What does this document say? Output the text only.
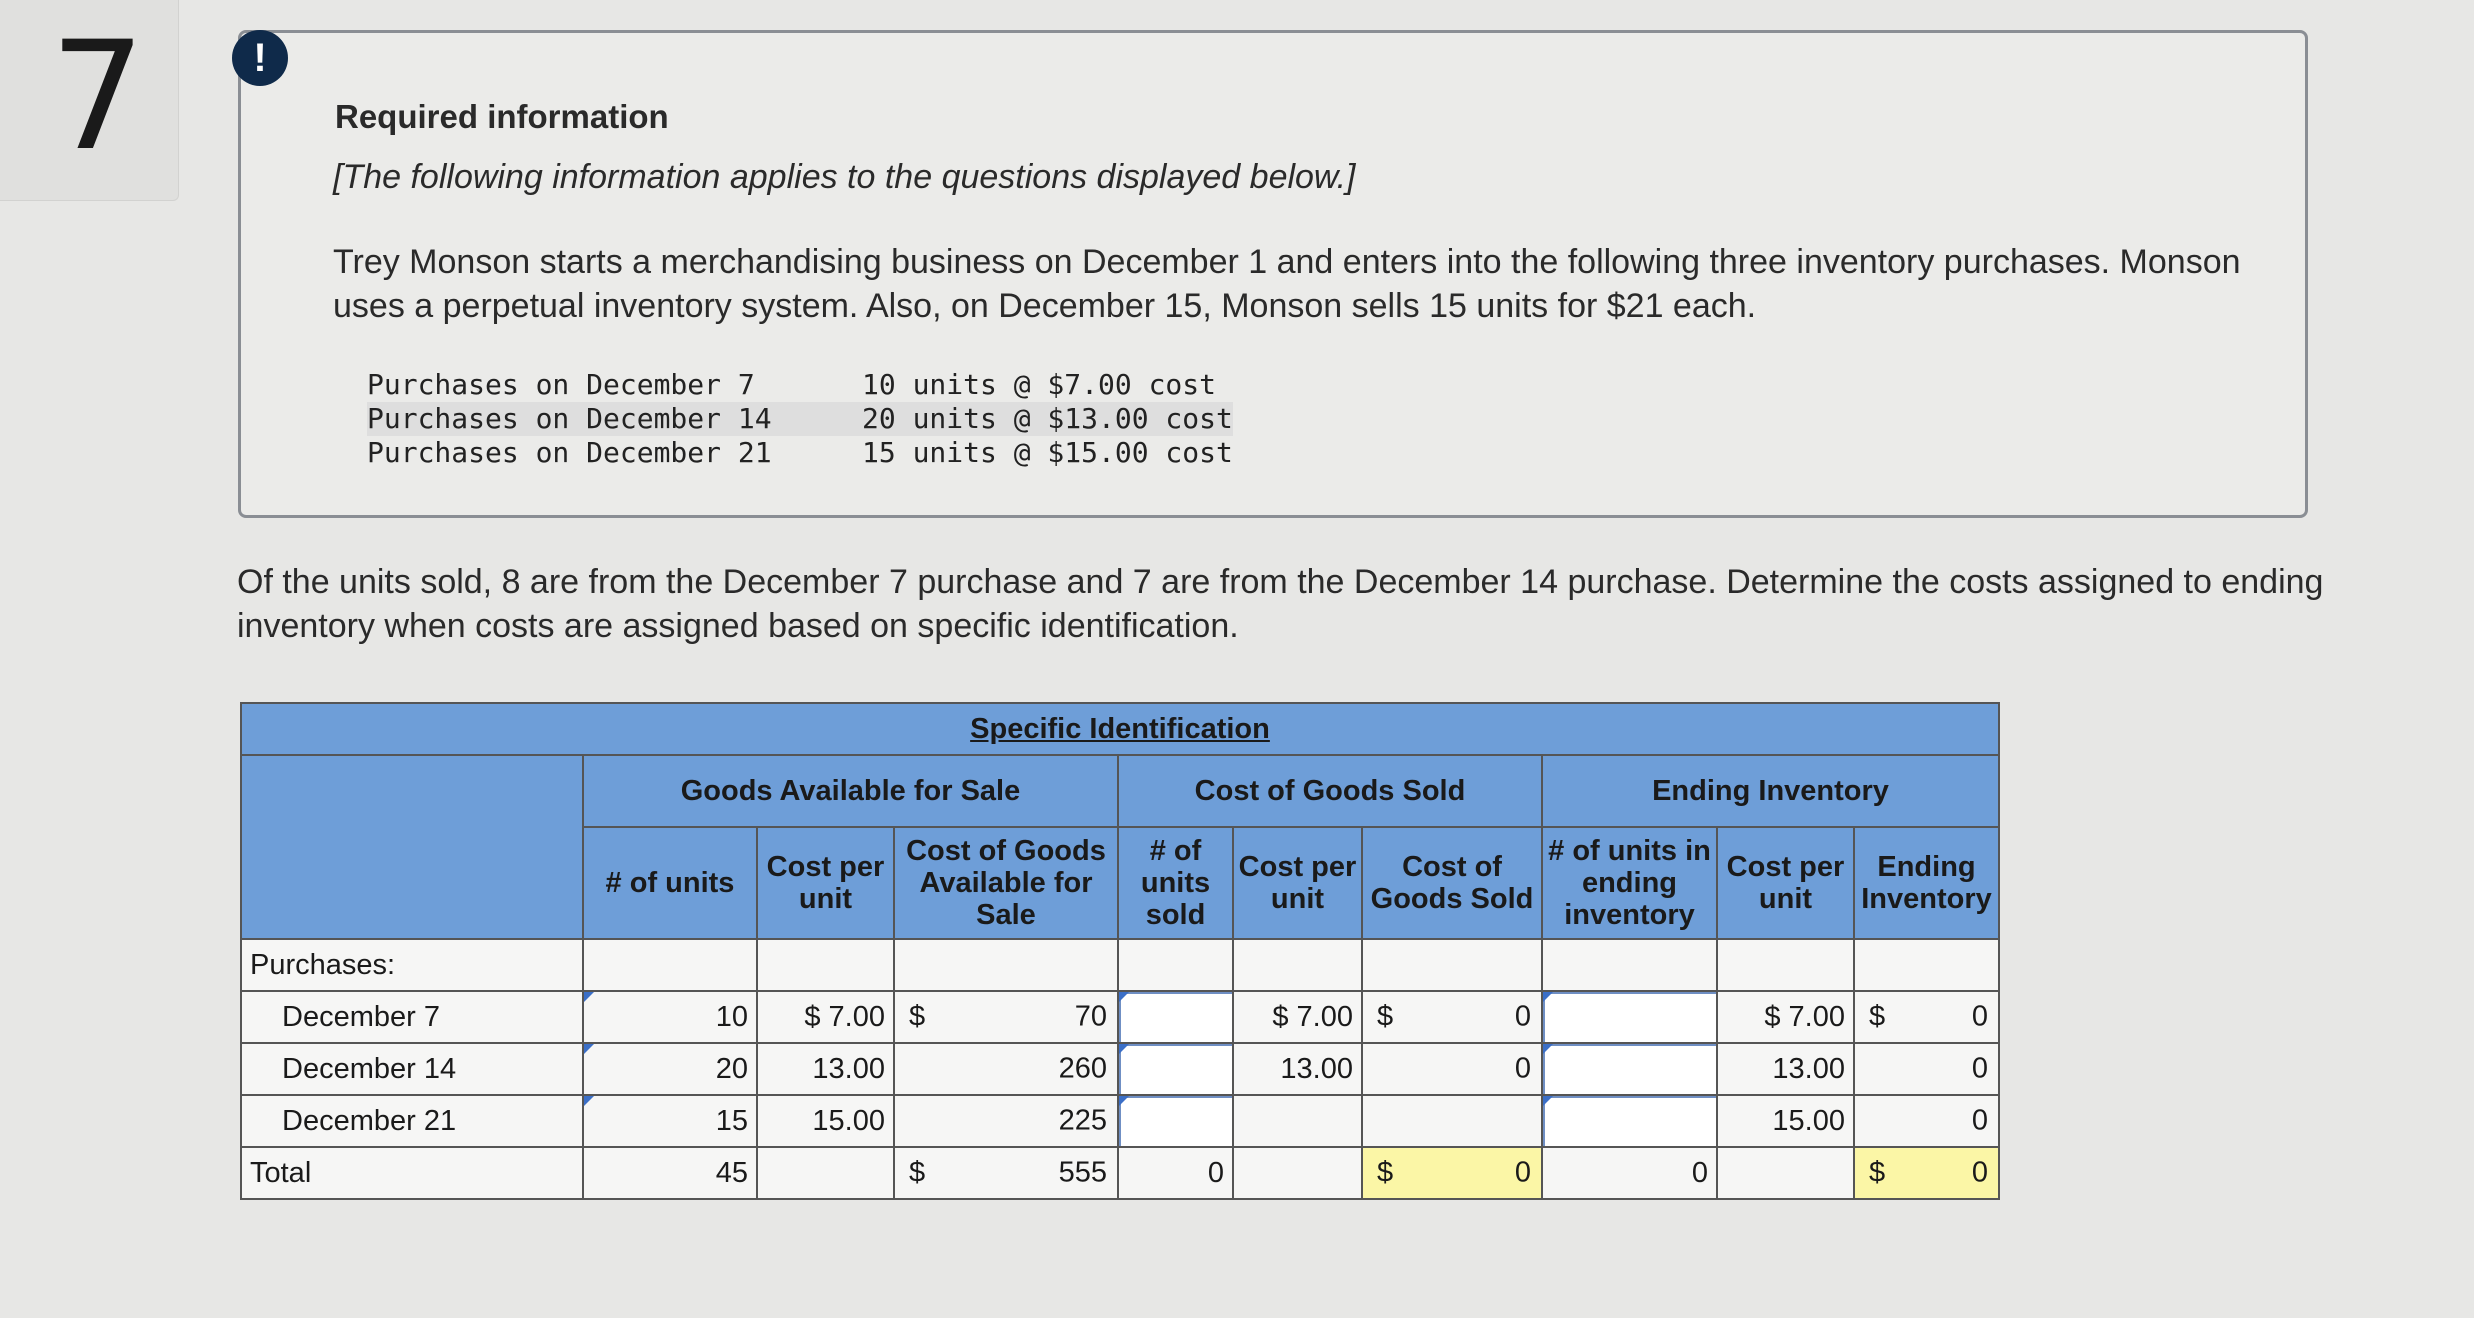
7	!
Required information
[The following information applies to the questions displayed below.]
Trey Monson starts a merchandising business on December 1 and enters into the following three inventory purchases. Monson uses a perpetual inventory system. Also, on December 15, Monson sells 15 units for $21 each.
Purchases on December 7	10 units @ $7.00 cost
Purchases on December 14	20 units @ $13.00 cost
Purchases on December 21	15 units @ $15.00 cost
Of the units sold, 8 are from the December 7 purchase and 7 are from the December 14 purchase. Determine the costs assigned to ending inventory when costs are assigned based on specific identification.
Specific Identification									
	Goods Available for Sale			Cost of Goods Sold			Ending Inventory		
	# of units	Cost per unit	Cost of Goods Available for Sale	# of units sold	Cost per unit	Cost of Goods Sold	# of units in ending inventory	Cost per unit	Ending Inventory
Purchases:									
December 7	10	$ 7.00	$ 70		$ 7.00	$ 0		$ 7.00	$ 0

December 14	20	13.00	260		13.00	0		13.00	0

December 21	15	15.00	225					15.00	0

Total	45		$ 555	0		$ 0	0		$ 0
